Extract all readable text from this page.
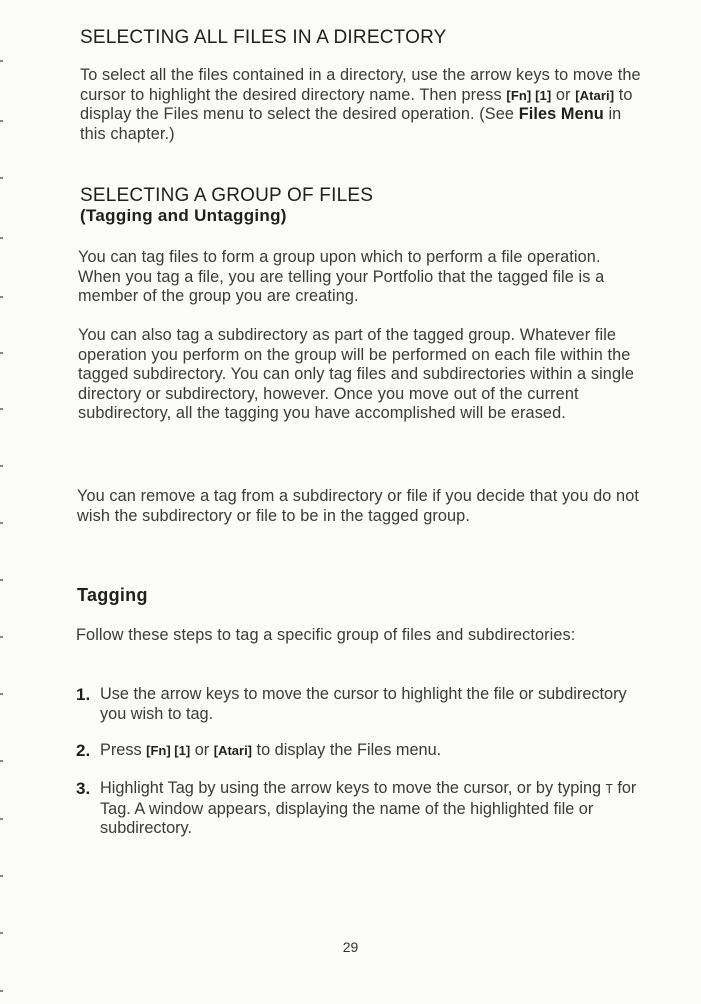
SELECTING ALL FILES IN A DIRECTORY

To select all the files contained in a directory, use the arrow keys to move the cursor to highlight the desired directory name. Then press [Fn] [1] or [Atari] to display the Files menu to select the desired operation. (See Files Menu in this chapter.)

SELECTING A GROUP OF FILES
(Tagging and Untagging)

You can tag files to form a group upon which to perform a file operation. When you tag a file, you are telling your Portfolio that the tagged file is a member of the group you are creating.

You can also tag a subdirectory as part of the tagged group. Whatever file operation you perform on the group will be performed on each file within the tagged subdirectory. You can only tag files and subdirectories within a single directory or subdirectory, however. Once you move out of the current subdirectory, all the tagging you have accomplished will be erased.

You can remove a tag from a subdirectory or file if you decide that you do not wish the subdirectory or file to be in the tagged group.

Tagging

Follow these steps to tag a specific group of files and subdirectories:

1. Use the arrow keys to move the cursor to highlight the file or subdirectory you wish to tag.
2. Press [Fn] [1] or [Atari] to display the Files menu.
3. Highlight Tag by using the arrow keys to move the cursor, or by typing T for Tag. A window appears, displaying the name of the highlighted file or subdirectory.
29
